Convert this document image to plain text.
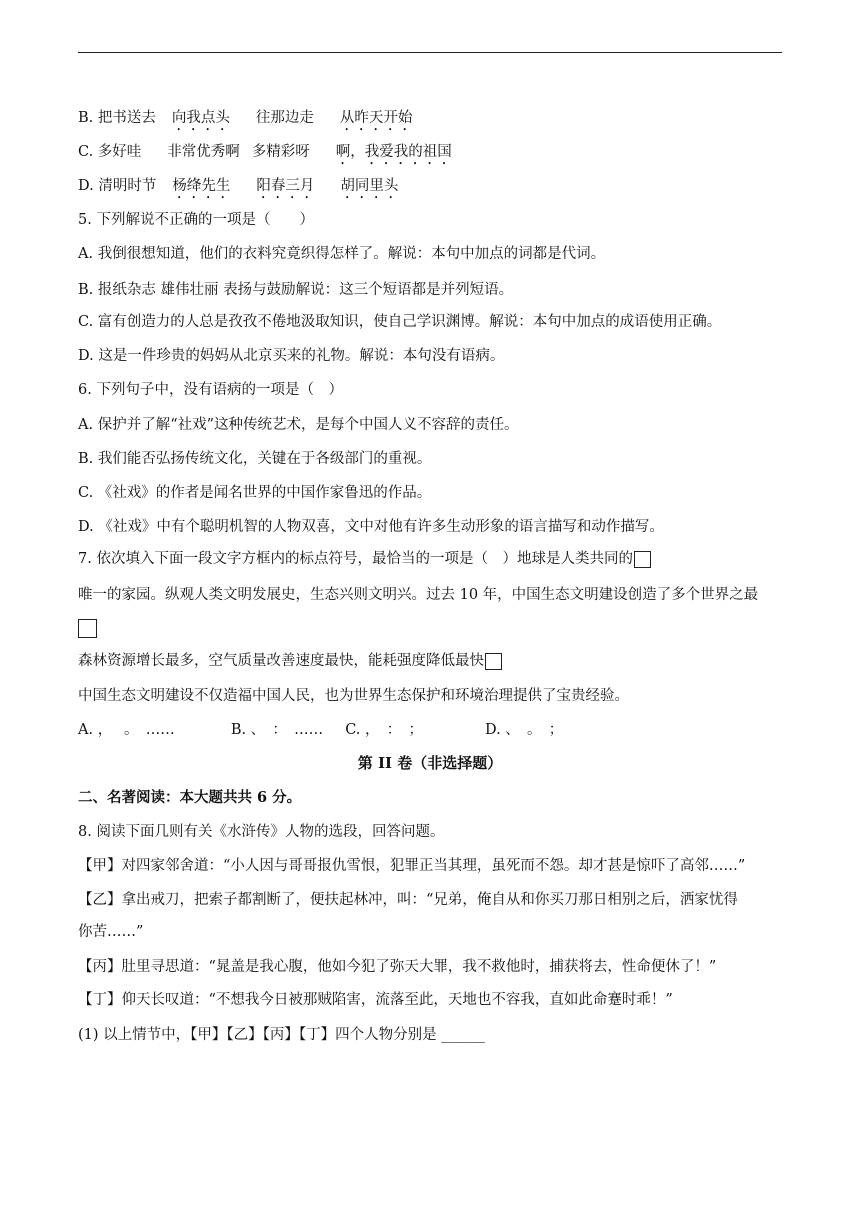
B. 把书送去 向我点头 往那边走 从昨天开始
C. 多好哇 非常优秀啊 多精彩呀 啊，我爱我的祖国
D. 清明时节 杨绛先生 阳春三月 胡同里头
5. 下列解说不正确的一项是（　　）
A. 我倒很想知道，他们的衣料究竟织得怎样了。解说：本句中加点的词都是代词。
B. 报纸杂志 雄伟壮丽 表扬与鼓励解说：这三个短语都是并列短语。
C. 富有创造力的人总是孜孜不倦地汲取知识，使自己学识渊博。解说：本句中加点的成语使用正确。
D. 这是一件珍贵的妈妈从北京买来的礼物。解说：本句没有语病。
6. 下列句子中，没有语病的一项是（　）
A. 保护并了解“社戏”这种传统艺术，是每个中国人义不容辞的责任。
B. 我们能否弘扬传统文化，关键在于各级部门的重视。
C. 《社戏》的作者是闻名世界的中国作家鲁迅的作品。
D. 《社戏》中有个聪明机智的人物双喜，文中对他有许多生动形象的语言描写和动作描写。
7. 依次填入下面一段文字方框内的标点符号，最恰当的一项是（　）地球是人类共同的
唯一的家园。纵观人类文明发展史，生态兴则文明兴。过去 10 年，中国生态文明建设创造了多个世界之最
森林资源增长最多，空气质量改善速度最快，能耗强度降低最快
中国生态文明建设不仅造福中国人民，也为世界生态保护和环境治理提供了宝贵经验。
A. ，　 。　……	B. 、　：　…… C. ，　：　；	D. 、　。　；
第 II 卷（非选择题）
二、名著阅读：本大题共共 6 分。
8. 阅读下面几则有关《水浒传》人物的选段，回答问题。
【甲】对四家邻舍道：“小人因与哥哥报仇雪恨，犯罪正当其理，虽死而不怨。却才甚是惊吓了高邻……”
【乙】拿出戒刀，把索子都割断了，便扶起林冲，叫：“兄弟，俺自从和你买刀那日相别之后，洒家忧得
你苦……”
【丙】肚里寻思道：“晁盖是我心腹，他如今犯了弥天大罪，我不救他时，捕获将去，性命便休了！”
【丁】仰天长叹道：“不想我今日被那贼陷害，流落至此，天地也不容我，直如此命蹇时乖！”
(1) 以上情节中，【甲】【乙】【丙】【丁】四个人物分别是 ______
